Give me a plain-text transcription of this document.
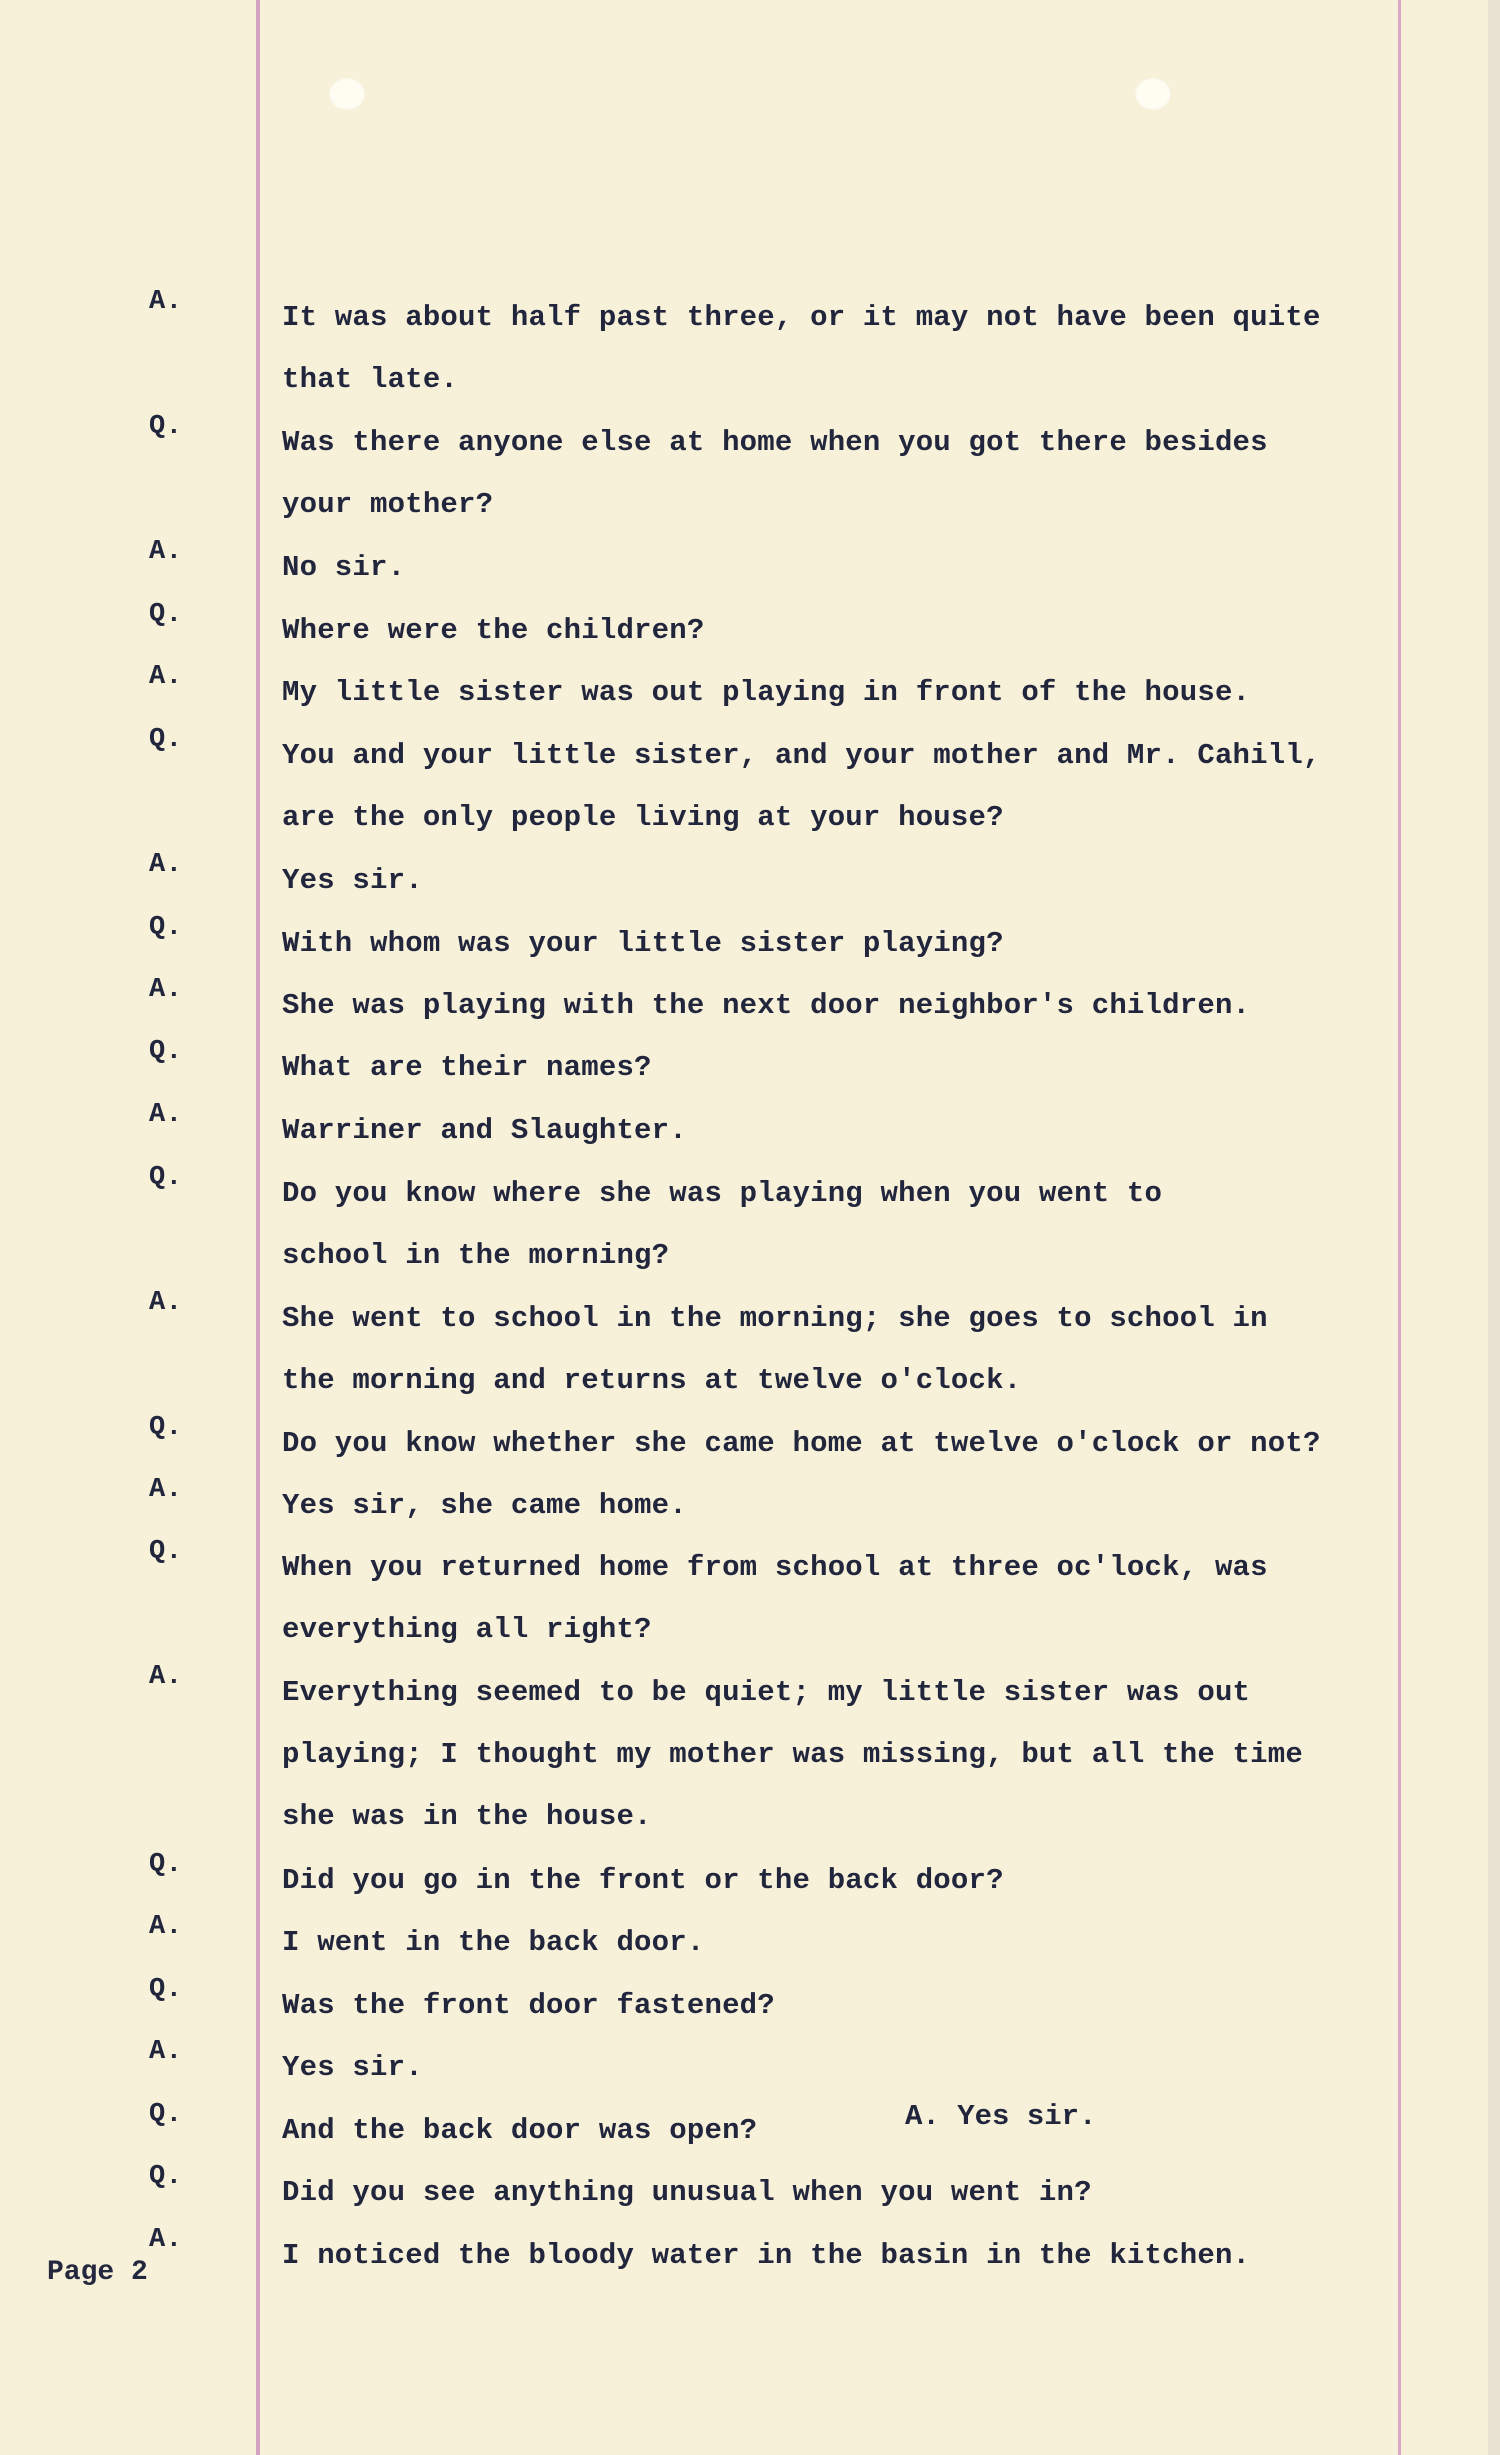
A.	It was about half past three, or it may not have been quite
that late.
Q.	Was there anyone else at home when you got there besides
your mother?
A.	No sir.
Q.	Where were the children?
A.	My little sister was out playing in front of the house.
Q.	You and your little sister, and your mother and Mr. Cahill,
are the only people living at your house?
A.	Yes sir.
Q.	With whom was your little sister playing?
A.	She was playing with the next door neighbor's children.
Q.	What are their names?
A.	Warriner and Slaughter.
Q.	Do you know where she was playing when you went to
school in the morning?
A.	She went to school in the morning; she goes to school in
the morning and returns at twelve o'clock.
Q.	Do you know whether she came home at twelve o'clock or not?
A.	Yes sir, she came home.
Q.	When you returned home from school at three oc'lock, was
everything all right?
A.	Everything seemed to be quiet; my little sister was out
playing; I thought my mother was missing, but all the time
she was in the house.
Q.	Did you go in the front or the back door?
A.	I went in the back door.
Q.	Was the front door fastened?
A.	Yes sir.
Q.	And the back door was open?	A. Yes sir.
Q.	Did you see anything unusual when you went in?
A.	I noticed the bloody water in the basin in the kitchen.
Page 2
